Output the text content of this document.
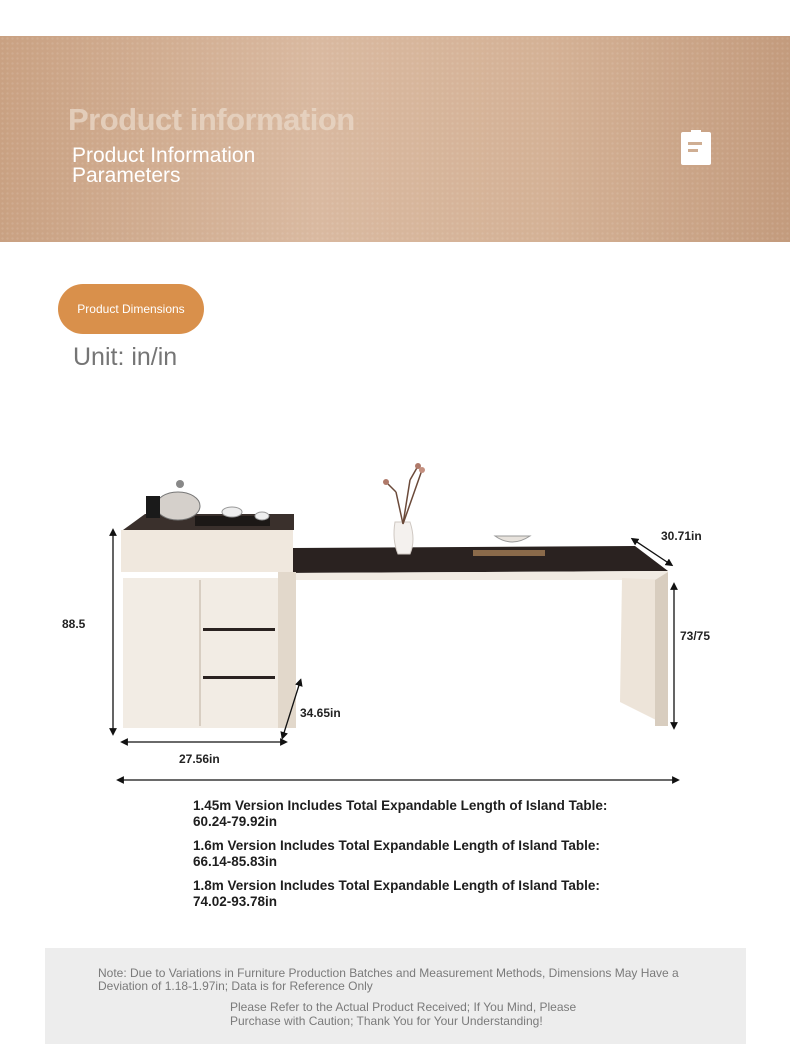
Product information
Product Information
Parameters
Product Dimensions
Unit: in/in
88.5
30.71in
73/75
34.65in
27.56in
1.45m Version Includes Total Expandable Length of Island Table:
60.24-79.92in
1.6m Version Includes Total Expandable Length of Island Table:
66.14-85.83in
1.8m Version Includes Total Expandable Length of Island Table:
74.02-93.78in
Note: Due to Variations in Furniture Production Batches and Measurement Methods, Dimensions May Have a Deviation of 1.18-1.97in; Data is for Reference Only
Please Refer to the Actual Product Received; If You Mind, Please Purchase with Caution; Thank You for Your Understanding!
